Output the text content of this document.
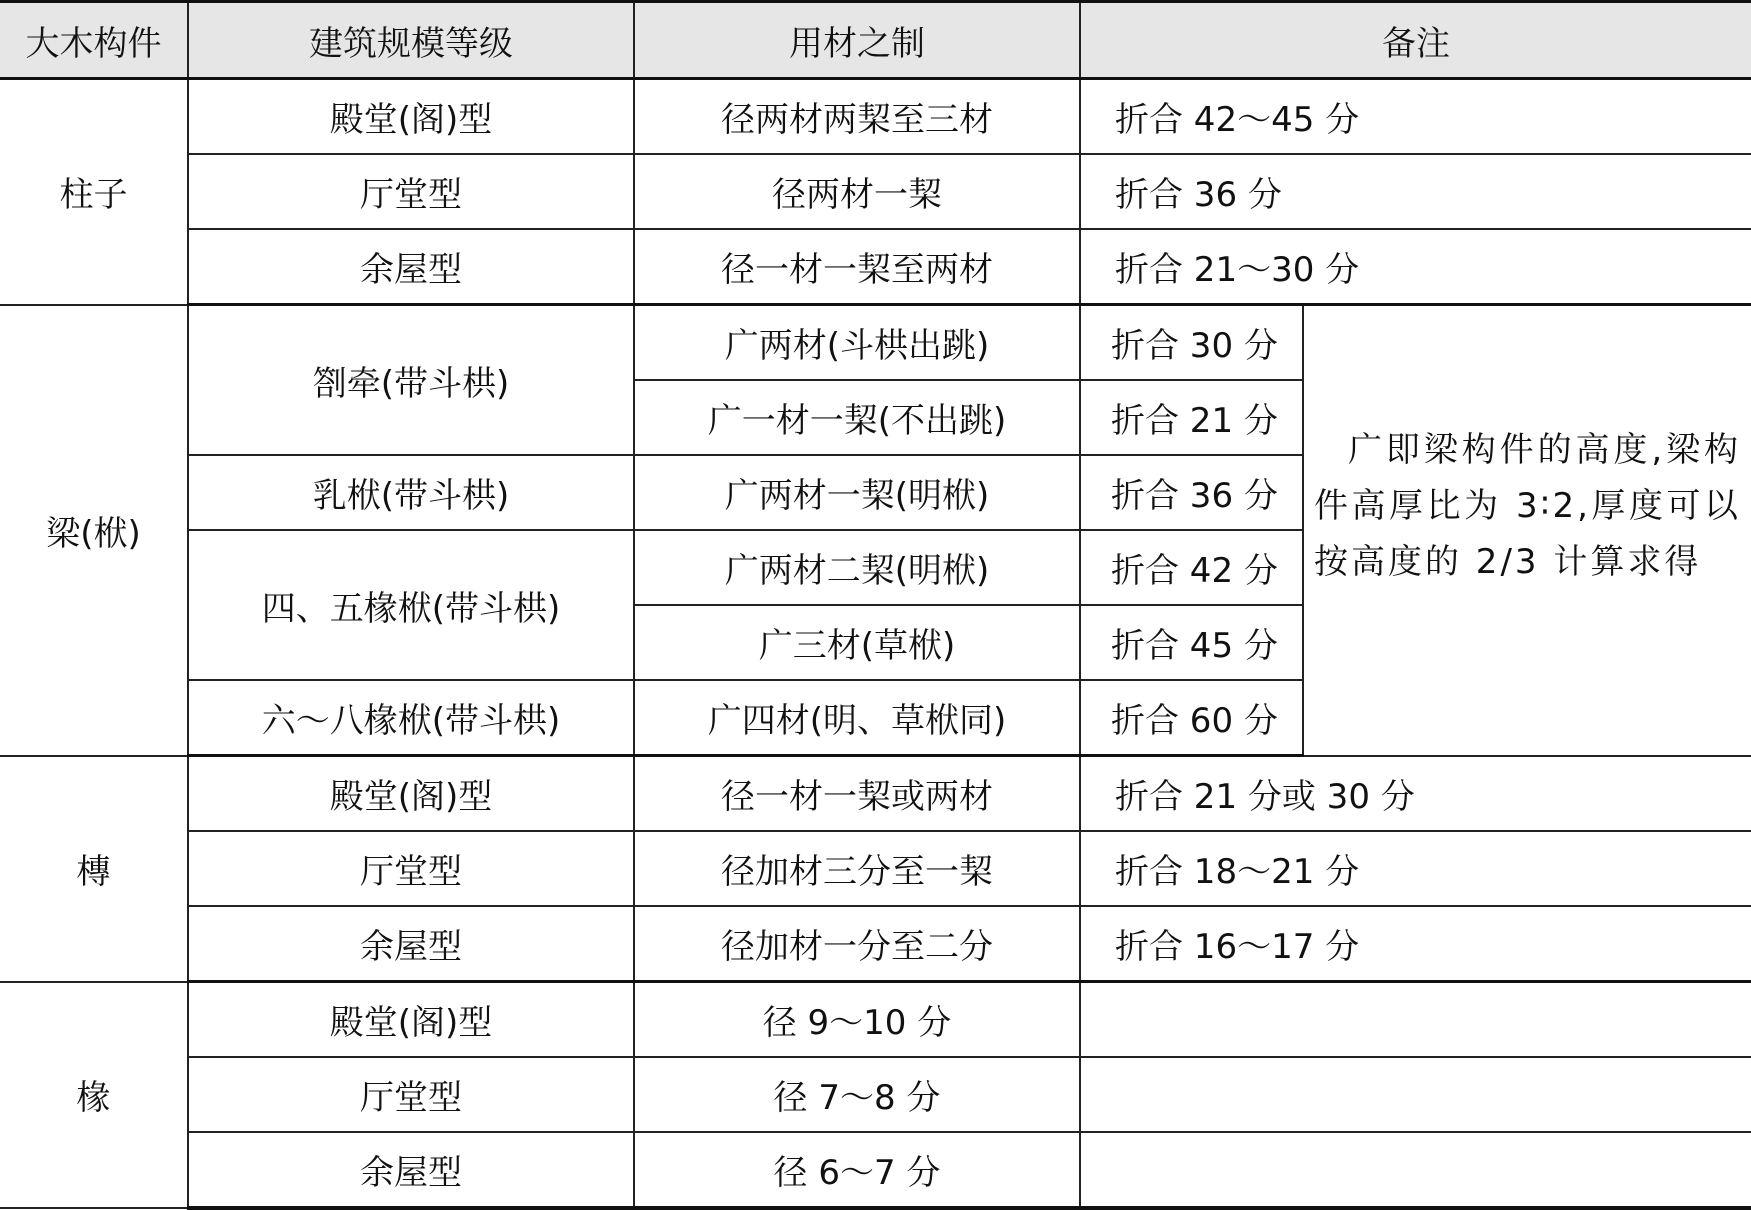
大木构件	建筑规模等级	用材之制	备注	
柱子	殿堂(阁)型	径两材两栔至三材	折合 42～45 分	
	厅堂型	径两材一栔	折合 36 分	
	余屋型	径一材一栔至两材	折合 21～30 分	
梁(栿)	劄牵(带斗栱)	广两材(斗栱出跳)	折合 30 分	广即梁构件的高度,梁构件高厚比为 3∶2,厚度可以按高度的 2/3 计算求得
		广一材一栔(不出跳)	折合 21 分	
	乳栿(带斗栱)	广两材一栔(明栿)	折合 36 分	
	四、五椽栿(带斗栱)	广两材二栔(明栿)	折合 42 分	
		广三材(草栿)	折合 45 分	
	六～八椽栿(带斗栱)	广四材(明、草栿同)	折合 60 分	
槫	殿堂(阁)型	径一材一栔或两材	折合 21 分或 30 分	
	厅堂型	径加材三分至一栔	折合 18～21 分	
	余屋型	径加材一分至二分	折合 16～17 分	
椽	殿堂(阁)型	径 9～10 分		
	厅堂型	径 7～8 分		
	余屋型	径 6～7 分		
